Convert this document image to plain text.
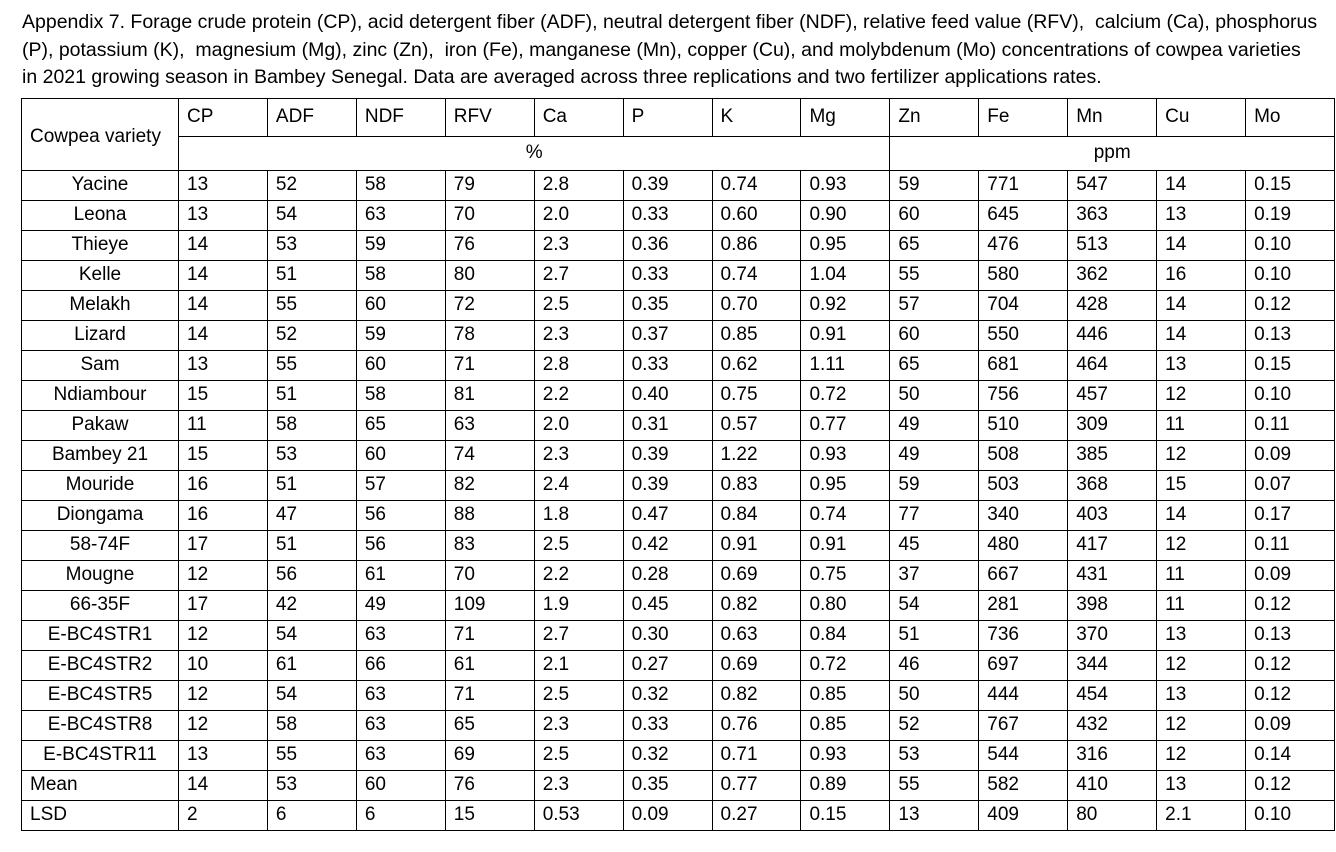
Appendix 7. Forage crude protein (CP), acid detergent fiber (ADF), neutral detergent fiber (NDF), relative feed value (RFV),  calcium (Ca), phosphorus (P), potassium (K),  magnesium (Mg), zinc (Zn),  iron (Fe), manganese (Mn), copper (Cu), and molybdenum (Mo) concentrations of cowpea varieties in 2021 growing season in Bambey Senegal. Data are averaged across three replications and two fertilizer applications rates.
Cowpea variety	CP	ADF	NDF	RFV	Ca	P	K	Mg	Zn	Fe	Mn	Cu	Mo
	%								ppm				
Yacine	13	52	58	79	2.8	0.39	0.74	0.93	59	771	547	14	0.15
Leona	13	54	63	70	2.0	0.33	0.60	0.90	60	645	363	13	0.19
Thieye	14	53	59	76	2.3	0.36	0.86	0.95	65	476	513	14	0.10
Kelle	14	51	58	80	2.7	0.33	0.74	1.04	55	580	362	16	0.10
Melakh	14	55	60	72	2.5	0.35	0.70	0.92	57	704	428	14	0.12
Lizard	14	52	59	78	2.3	0.37	0.85	0.91	60	550	446	14	0.13
Sam	13	55	60	71	2.8	0.33	0.62	1.11	65	681	464	13	0.15
Ndiambour	15	51	58	81	2.2	0.40	0.75	0.72	50	756	457	12	0.10
Pakaw	11	58	65	63	2.0	0.31	0.57	0.77	49	510	309	11	0.11
Bambey 21	15	53	60	74	2.3	0.39	1.22	0.93	49	508	385	12	0.09
Mouride	16	51	57	82	2.4	0.39	0.83	0.95	59	503	368	15	0.07
Diongama	16	47	56	88	1.8	0.47	0.84	0.74	77	340	403	14	0.17
58-74F	17	51	56	83	2.5	0.42	0.91	0.91	45	480	417	12	0.11
Mougne	12	56	61	70	2.2	0.28	0.69	0.75	37	667	431	11	0.09
66-35F	17	42	49	109	1.9	0.45	0.82	0.80	54	281	398	11	0.12
E-BC4STR1	12	54	63	71	2.7	0.30	0.63	0.84	51	736	370	13	0.13
E-BC4STR2	10	61	66	61	2.1	0.27	0.69	0.72	46	697	344	12	0.12
E-BC4STR5	12	54	63	71	2.5	0.32	0.82	0.85	50	444	454	13	0.12
E-BC4STR8	12	58	63	65	2.3	0.33	0.76	0.85	52	767	432	12	0.09
E-BC4STR11	13	55	63	69	2.5	0.32	0.71	0.93	53	544	316	12	0.14
Mean	14	53	60	76	2.3	0.35	0.77	0.89	55	582	410	13	0.12
LSD	2	6	6	15	0.53	0.09	0.27	0.15	13	409	80	2.1	0.10
